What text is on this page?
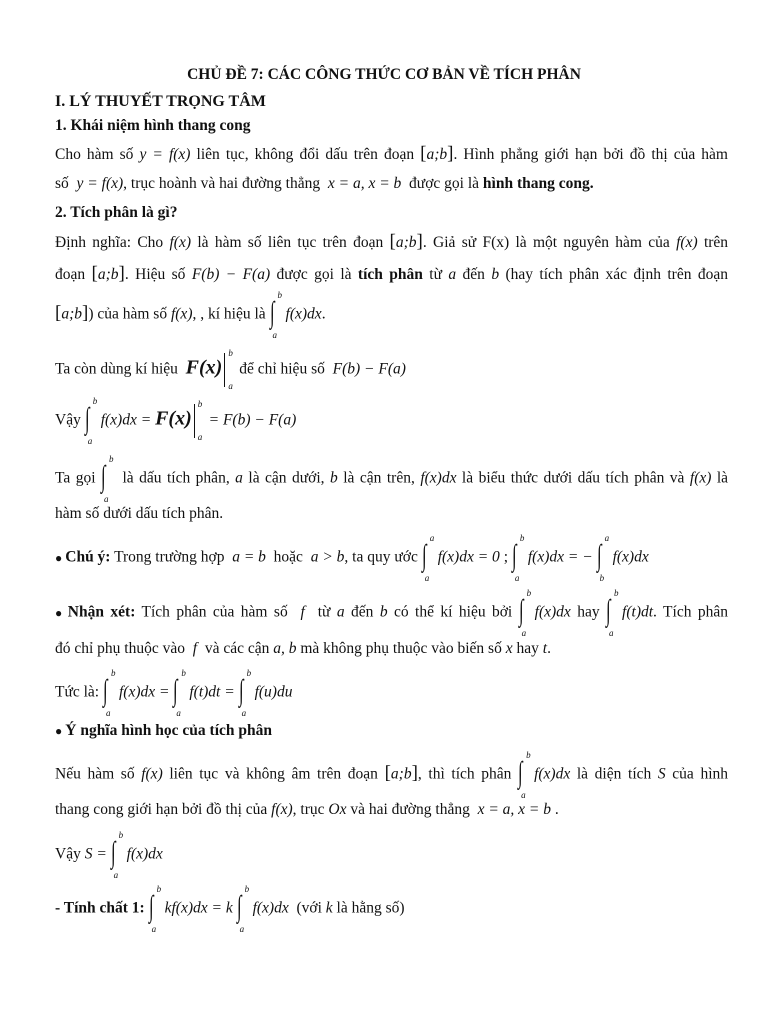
CHỦ ĐỀ 7: CÁC CÔNG THỨC CƠ BẢN VỀ TÍCH PHÂN
I. LÝ THUYẾT TRỌNG TÂM
1. Khái niệm hình thang cong
Cho hàm số y = f(x) liên tục, không đổi dấu trên đoạn [a;b]. Hình phẳng giới hạn bởi đồ thị của hàm
số y = f(x), trục hoành và hai đường thẳng x = a, x = b được gọi là hình thang cong.
2. Tích phân là gì?
Định nghĩa: Cho f(x) là hàm số liên tục trên đoạn [a;b]. Giả sử F(x) là một nguyên hàm của f(x) trên
đoạn [a;b]. Hiệu số F(b) − F(a) được gọi là tích phân từ a đến b (hay tích phân xác định trên đoạn
[a;b]) của hàm số f(x), , kí hiệu là ∫
b
a
f(x)dx.
Ta còn dùng kí hiệu F(x)
b
a
để chỉ hiệu số F(b) − F(a)
Vậy ∫
b
a
f(x)dx = F(x)
b
a
= F(b) − F(a)
Ta gọi ∫
b
a
là dấu tích phân, a là cận dưới, b là cận trên, f(x)dx là biểu thức dưới dấu tích phân và f(x) là
hàm số dưới dấu tích phân.
● Chú ý: Trong trường hợp a = b hoặc a > b, ta quy ước ∫
a
a
f(x)dx = 0 ; ∫
b
a
f(x)dx = − ∫
a
b
f(x)dx
● Nhận xét: Tích phân của hàm số f từ a đến b có thể kí hiệu bởi ∫
b
a
f(x)dx hay ∫
b
a
f(t)dt. Tích phân
đó chỉ phụ thuộc vào f và các cận a, b mà không phụ thuộc vào biến số x hay t.
Tức là: ∫
b
a
f(x)dx = ∫
b
a
f(t)dt = ∫
b
a
f(u)du
● Ý nghĩa hình học của tích phân
Nếu hàm số f(x) liên tục và không âm trên đoạn [a;b], thì tích phân ∫
b
a
f(x)dx là diện tích S của hình
thang cong giới hạn bởi đồ thị của f(x), trục Ox và hai đường thẳng x = a, x = b .
Vậy S = ∫
b
a
f(x)dx
- Tính chất 1: ∫
b
a
kf(x)dx = k ∫
b
a
f(x)dx (với k là hằng số)
